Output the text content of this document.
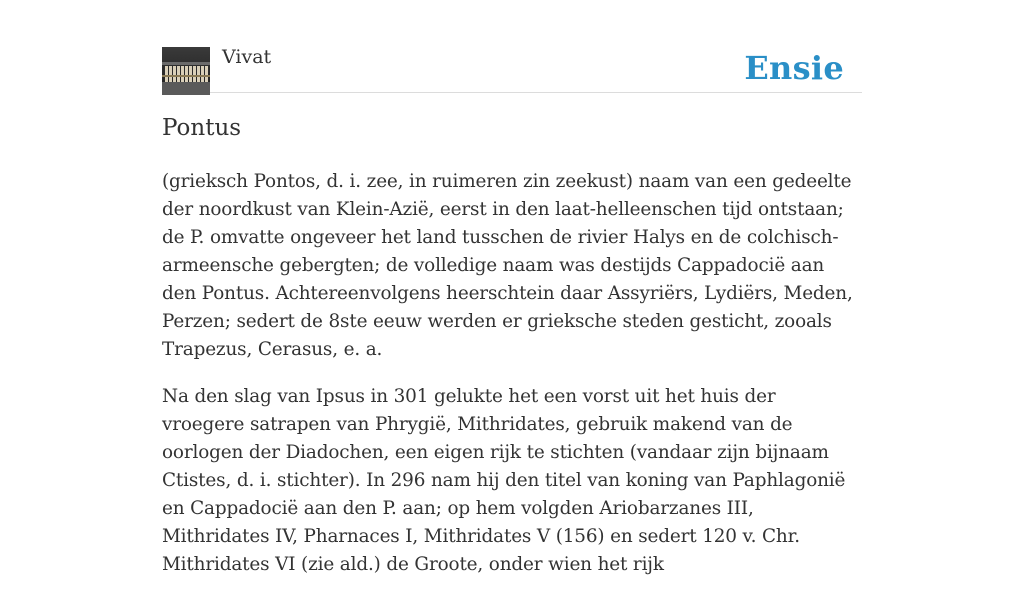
Vivat	Ensie
Pontus

(grieksch Pontos, d. i. zee, in ruimeren zin zeekust) naam van een gedeelte der noordkust van Klein-Azië, eerst in den laat-helleenschen tijd ontstaan; de P. omvatte ongeveer het land tusschen de rivier Halys en de colchisch-armeensche gebergten; de volledige naam was destijds Cappadocië aan den Pontus. Achtereenvolgens heerschtein daar Assyriërs, Lydiërs, Meden, Perzen; sedert de 8ste eeuw werden er grieksche steden gesticht, zooals Trapezus, Cerasus, e. a.

Na den slag van Ipsus in 301 gelukte het een vorst uit het huis der vroegere satrapen van Phrygië, Mithridates, gebruik makend van de oorlogen der Diadochen, een eigen rijk te stichten (vandaar zijn bijnaam Ctistes, d. i. stichter). In 296 nam hij den titel van koning van Paphlagonië en Cappadocië aan den P. aan; op hem volgden Ariobarzanes III, Mithridates IV, Pharnaces I, Mithridates V (156) en sedert 120 v. Chr. Mithridates VI (zie ald.) de Groote, onder wien het rijk
